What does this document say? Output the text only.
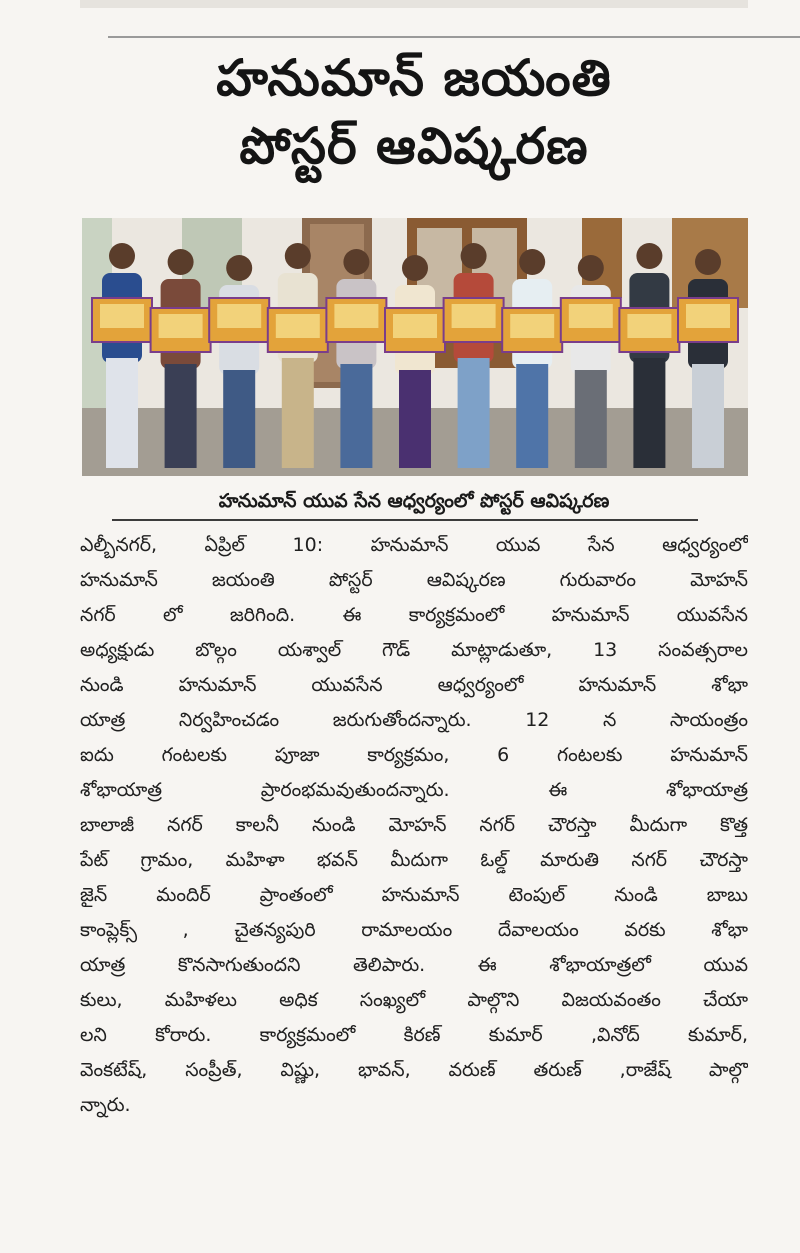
హనుమాన్ జయంతి
పోస్టర్ ఆవిష్కరణ
హనుమాన్ యువ సేన ఆధ్వర్యంలో పోస్టర్ ఆవిష్కరణ
ఎల్బీనగర్, ఏప్రిల్ 10: హనుమాన్ యువ సేన ఆధ్వర్యంలో
హనుమాన్ జయంతి పోస్టర్ ఆవిష్కరణ గురువారం మోహన్
నగర్ లో జరిగింది. ఈ కార్యక్రమంలో హనుమాన్ యువసేన
అధ్యక్షుడు బొల్గం యశ్వాల్ గౌడ్ మాట్లాడుతూ, 13 సంవత్సరాల
నుండి హనుమాన్ యువసేన ఆధ్వర్యంలో హనుమాన్ శోభా
యాత్ర నిర్వహించడం జరుగుతోందన్నారు. 12 న సాయంత్రం
ఐదు గంటలకు పూజా కార్యక్రమం, 6 గంటలకు హనుమాన్
శోభాయాత్ర ప్రారంభమవుతుందన్నారు. ఈ శోభాయాత్ర
బాలాజీ నగర్ కాలనీ నుండి మోహన్ నగర్ చౌరస్తా మీదుగా కొత్త
పేట్ గ్రామం, మహిళా భవన్ మీదుగా ఓల్డ్ మారుతి నగర్ చౌరస్తా
జైన్ మందిర్ ప్రాంతంలో హనుమాన్ టెంపుల్ నుండి బాబు
కాంప్లెక్స్ , చైతన్యపురి రామాలయం దేవాలయం వరకు శోభా
యాత్ర కొనసాగుతుందని తెలిపారు. ఈ శోభాయాత్రలో యువ
కులు, మహిళలు అధిక సంఖ్యలో పాల్గొని విజయవంతం చేయా
లని కోరారు. కార్యక్రమంలో కిరణ్ కుమార్ ,వినోద్ కుమార్,
వెంకటేష్, సంప్రీత్, విష్ణు, భావన్, వరుణ్ తరుణ్ ,రాజేష్ పాల్గొ
న్నారు.
